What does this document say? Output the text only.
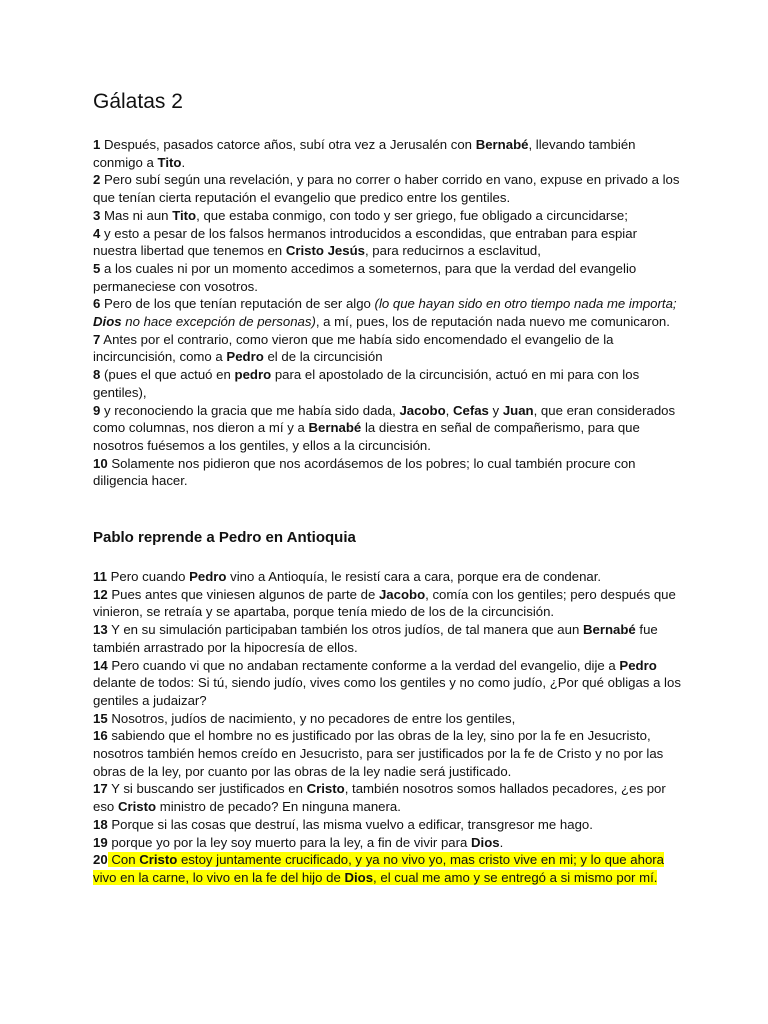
Gálatas 2

1 Después, pasados catorce años, subí otra vez a Jerusalén con Bernabé, llevando también conmigo a Tito.

2 Pero subí según una revelación, y para no correr o haber corrido en vano, expuse en privado a los que tenían cierta reputación el evangelio que predico entre los gentiles.

3 Mas ni aun Tito, que estaba conmigo, con todo y ser griego, fue obligado a circuncidarse;

4 y esto a pesar de los falsos hermanos introducidos a escondidas, que entraban para espiar nuestra libertad que tenemos en Cristo Jesús, para reducirnos a esclavitud,

5 a los cuales ni por un momento accedimos a someternos, para que la verdad del evangelio permaneciese con vosotros.

6 Pero de los que tenían reputación de ser algo (lo que hayan sido en otro tiempo nada me importa; Dios no hace excepción de personas), a mí, pues, los de reputación nada nuevo me comunicaron.

7 Antes por el contrario, como vieron que me había sido encomendado el evangelio de la incircuncisión, como a Pedro el de la circuncisión

8 (pues el que actuó en pedro para el apostolado de la circuncisión, actuó en mi para con los gentiles),

9 y reconociendo la gracia que me había sido dada, Jacobo, Cefas y Juan, que eran considerados como columnas, nos dieron a mí y a Bernabé la diestra en señal de compañerismo, para que nosotros fuésemos a los gentiles, y ellos a la circuncisión.

10 Solamente nos pidieron que nos acordásemos de los pobres; lo cual también procure con diligencia hacer.

Pablo reprende a Pedro en Antioquia

11 Pero cuando Pedro vino a Antioquía, le resistí cara a cara, porque era de condenar.

12 Pues antes que viniesen algunos de parte de Jacobo, comía con los gentiles; pero después que vinieron, se retraía y se apartaba, porque tenía miedo de los de la circuncisión.

13 Y en su simulación participaban también los otros judíos, de tal manera que aun Bernabé fue también arrastrado por la hipocresía de ellos.

14 Pero cuando vi que no andaban rectamente conforme a la verdad del evangelio, dije a Pedro delante de todos: Si tú, siendo judío, vives como los gentiles y no como judío, ¿Por qué obligas a los gentiles a judaizar?

15 Nosotros, judíos de nacimiento, y no pecadores de entre los gentiles,

16 sabiendo que el hombre no es justificado por las obras de la ley, sino por la fe en Jesucristo, nosotros también hemos creído en Jesucristo, para ser justificados por la fe de Cristo y no por las obras de la ley, por cuanto por las obras de la ley nadie será justificado.

17 Y si buscando ser justificados en Cristo, también nosotros somos hallados pecadores, ¿es por eso Cristo ministro de pecado? En ninguna manera.

18 Porque si las cosas que destruí, las misma vuelvo a edificar, transgresor me hago.

19 porque yo por la ley soy muerto para la ley, a fin de vivir para Dios.

20 Con Cristo estoy juntamente crucificado, y ya no vivo yo, mas cristo vive en mi; y lo que ahora vivo en la carne, lo vivo en la fe del hijo de Dios, el cual me amo y se entregó a si mismo por mí.
